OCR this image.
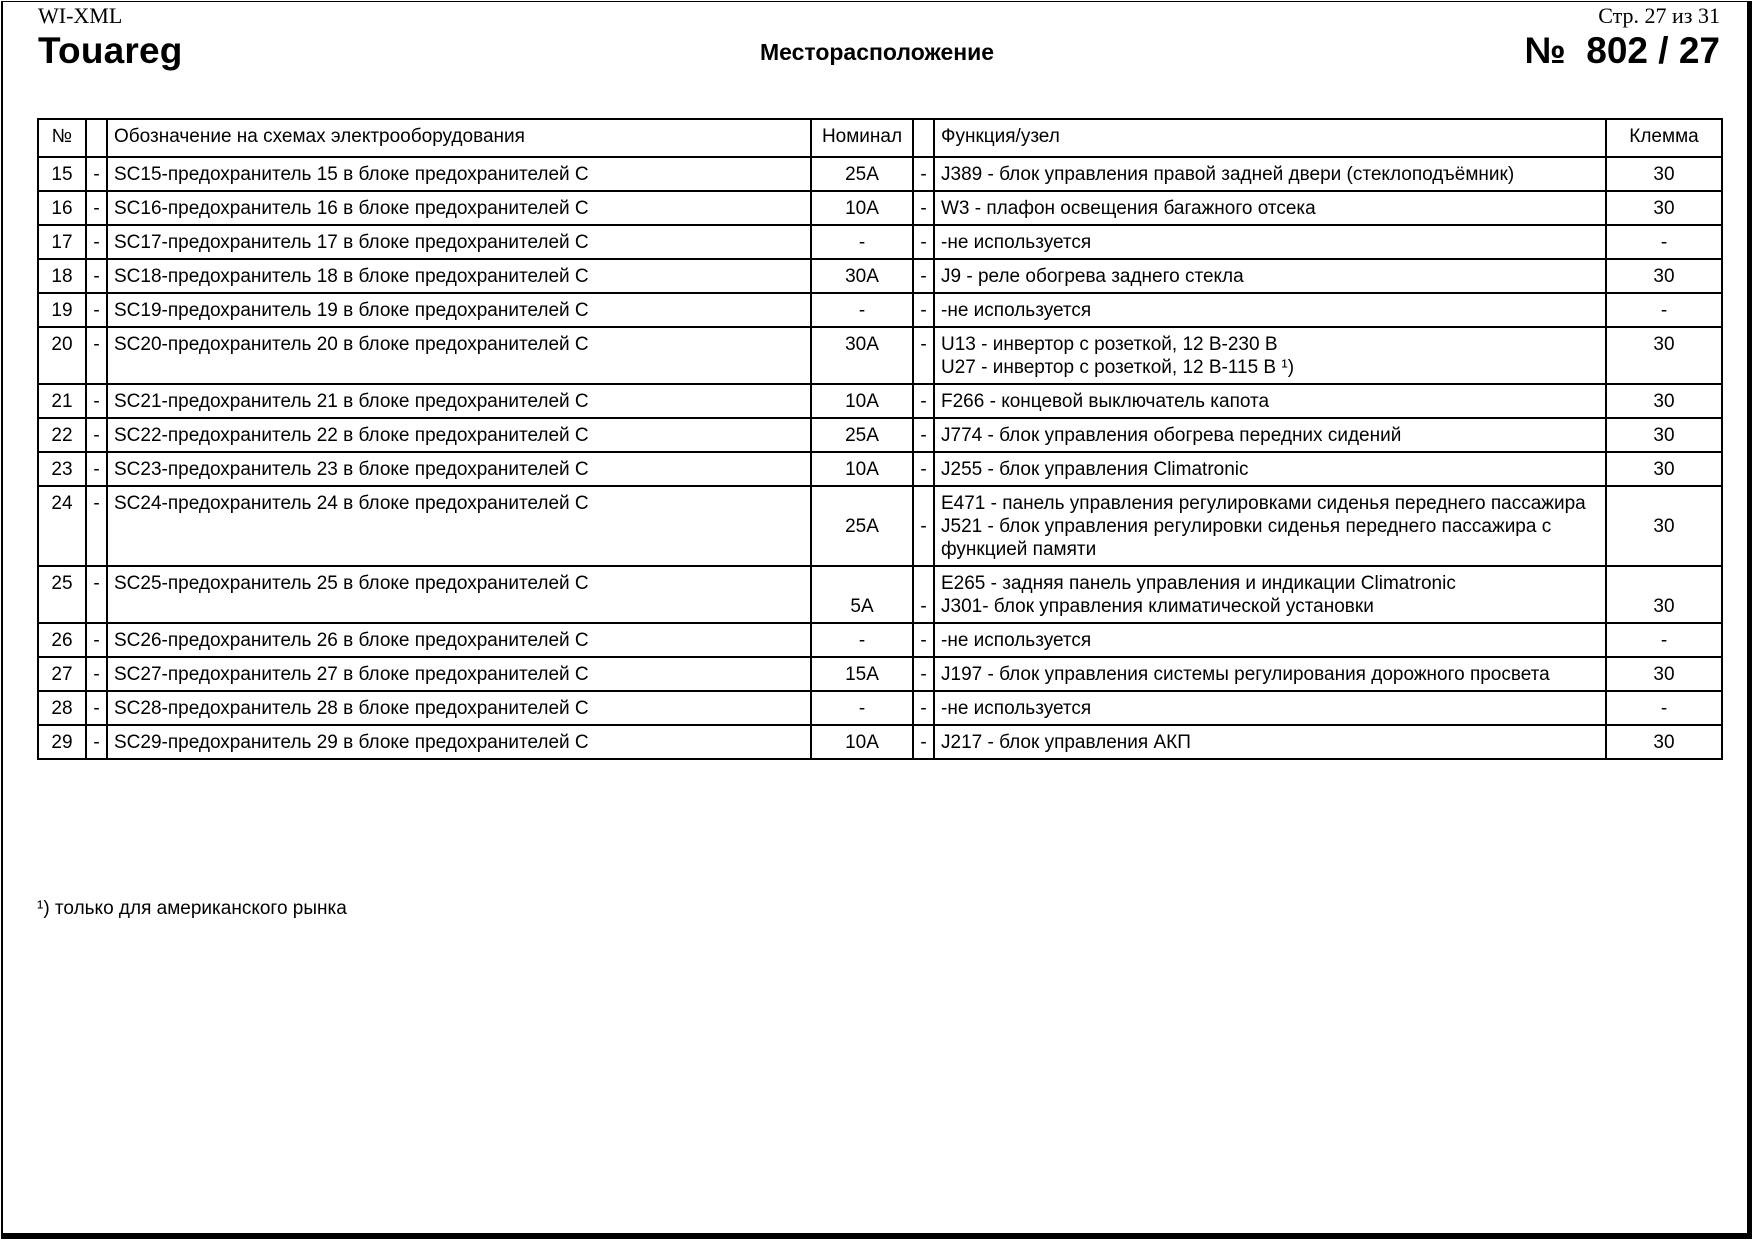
WI-XML	Стр. 27 из 31
Touareg	Месторасположение	№  802 / 27
№		Обозначение на схемах электрооборудования	Номинал		Функция/узел	Клемма
15	-	SC15-предохранитель 15 в блоке предохранителей C	25A	-	J389 - блок управления правой задней двери (стеклоподъёмник)	30
16	-	SC16-предохранитель 16 в блоке предохранителей C	10A	-	W3 - плафон освещения багажного отсека	30
17	-	SC17-предохранитель 17 в блоке предохранителей C	-	-	-не используется	-
18	-	SC18-предохранитель 18 в блоке предохранителей C	30A	-	J9 - реле обогрева заднего стекла	30
19	-	SC19-предохранитель 19 в блоке предохранителей C	-	-	-не используется	-
20	-	SC20-предохранитель 20 в блоке предохранителей C	30A	-	U13 - инвертор с розеткой, 12 В-230 В
U27 - инвертор с розеткой, 12 В-115 В ¹)	30
21	-	SC21-предохранитель 21 в блоке предохранителей C	10A	-	F266 - концевой выключатель капота	30
22	-	SC22-предохранитель 22 в блоке предохранителей C	25A	-	J774 - блок управления обогрева передних сидений	30
23	-	SC23-предохранитель 23 в блоке предохранителей C	10A	-	J255 - блок управления Climatronic	30
24	-	SC24-предохранитель 24 в блоке предохранителей C	25A	-	E471 - панель управления регулировками сиденья переднего пассажира
J521 - блок управления регулировки сиденья переднего пассажира с функцией памяти	30
25	-	SC25-предохранитель 25 в блоке предохранителей C	5A	-	E265 - задняя панель управления и индикации Climatronic
J301- блок управления климатической установки	30
26	-	SC26-предохранитель 26 в блоке предохранителей C	-	-	-не используется	-
27	-	SC27-предохранитель 27 в блоке предохранителей C	15A	-	J197 - блок управления системы регулирования дорожного просвета	30
28	-	SC28-предохранитель 28 в блоке предохранителей C	-	-	-не используется	-
29	-	SC29-предохранитель 29 в блоке предохранителей C	10A	-	J217 - блок управления АКП	30
¹) только для американского рынка
